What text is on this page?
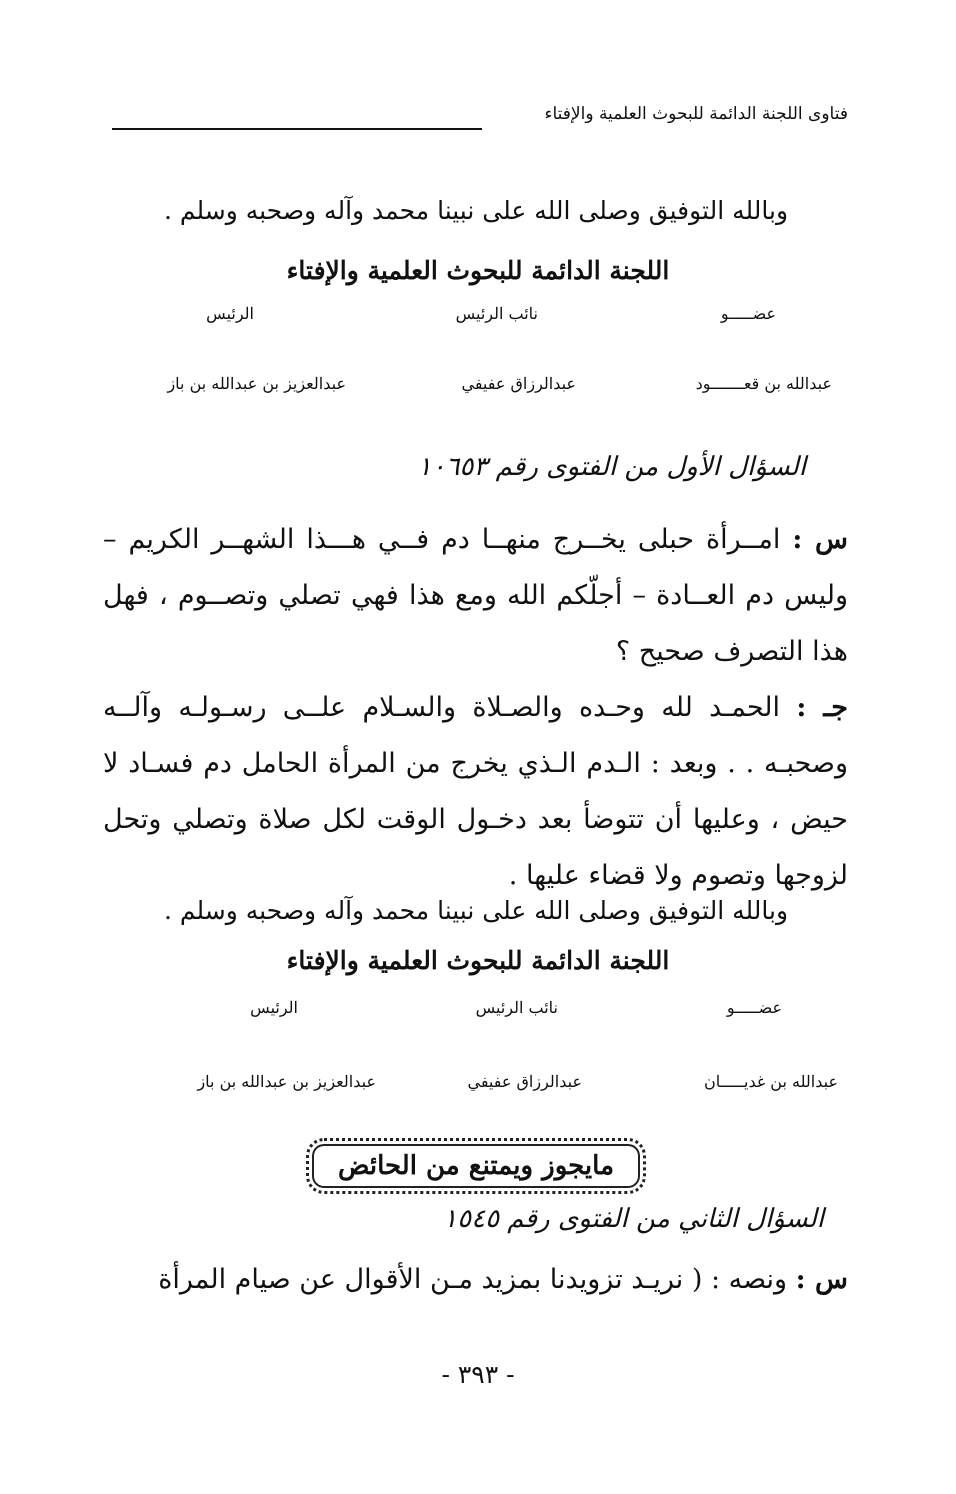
فتاوى اللجنة الدائمة للبحوث العلمية والإفتاء
وبالله التوفيق وصلى الله على نبينا محمد وآله وصحبه وسلم .
اللجنة الدائمة للبحوث العلمية والإفتاء
عضـــــو
نائب الرئيس
الرئيس
عبدالله بن قعـــــــود
عبدالرزاق عفيفي
عبدالعزيز بن عبدالله بن باز
السؤال الأول من الفتوى رقم ١٠٦٥٣
س : امــرأة حبلى يخــرج منهــا دم فــي هـــذا الشهــر الكريم – وليس دم العــادة – أجلّكم الله ومع هذا فهي تصلي وتصــوم ، فهل هذا التصرف صحيح ؟
جـ : الحمـد لله وحـده والصـلاة والسـلام علــى رسـولـه وآلــه وصحبـه . . وبعد : الـدم الـذي يخرج من المرأة الحامل دم فسـاد لا حيض ، وعليها أن تتوضأ بعد دخـول الوقت لكل صلاة وتصلي وتحل لزوجها وتصوم ولا قضاء عليها .
وبالله التوفيق وصلى الله على نبينا محمد وآله وصحبه وسلم .
اللجنة الدائمة للبحوث العلمية والإفتاء
عضـــــو
نائب الرئيس
الرئيس
عبدالله بن غديـــــان
عبدالرزاق عفيفي
عبدالعزيز بن عبدالله بن باز
مايجوز ويمتنع من الحائض
السؤال الثاني من الفتوى رقم ١٥٤٥
س : ونصه : ( نريـد تزويدنا بمزيد مـن الأقوال عن صيام المرأة
- ٣٩٣ -
